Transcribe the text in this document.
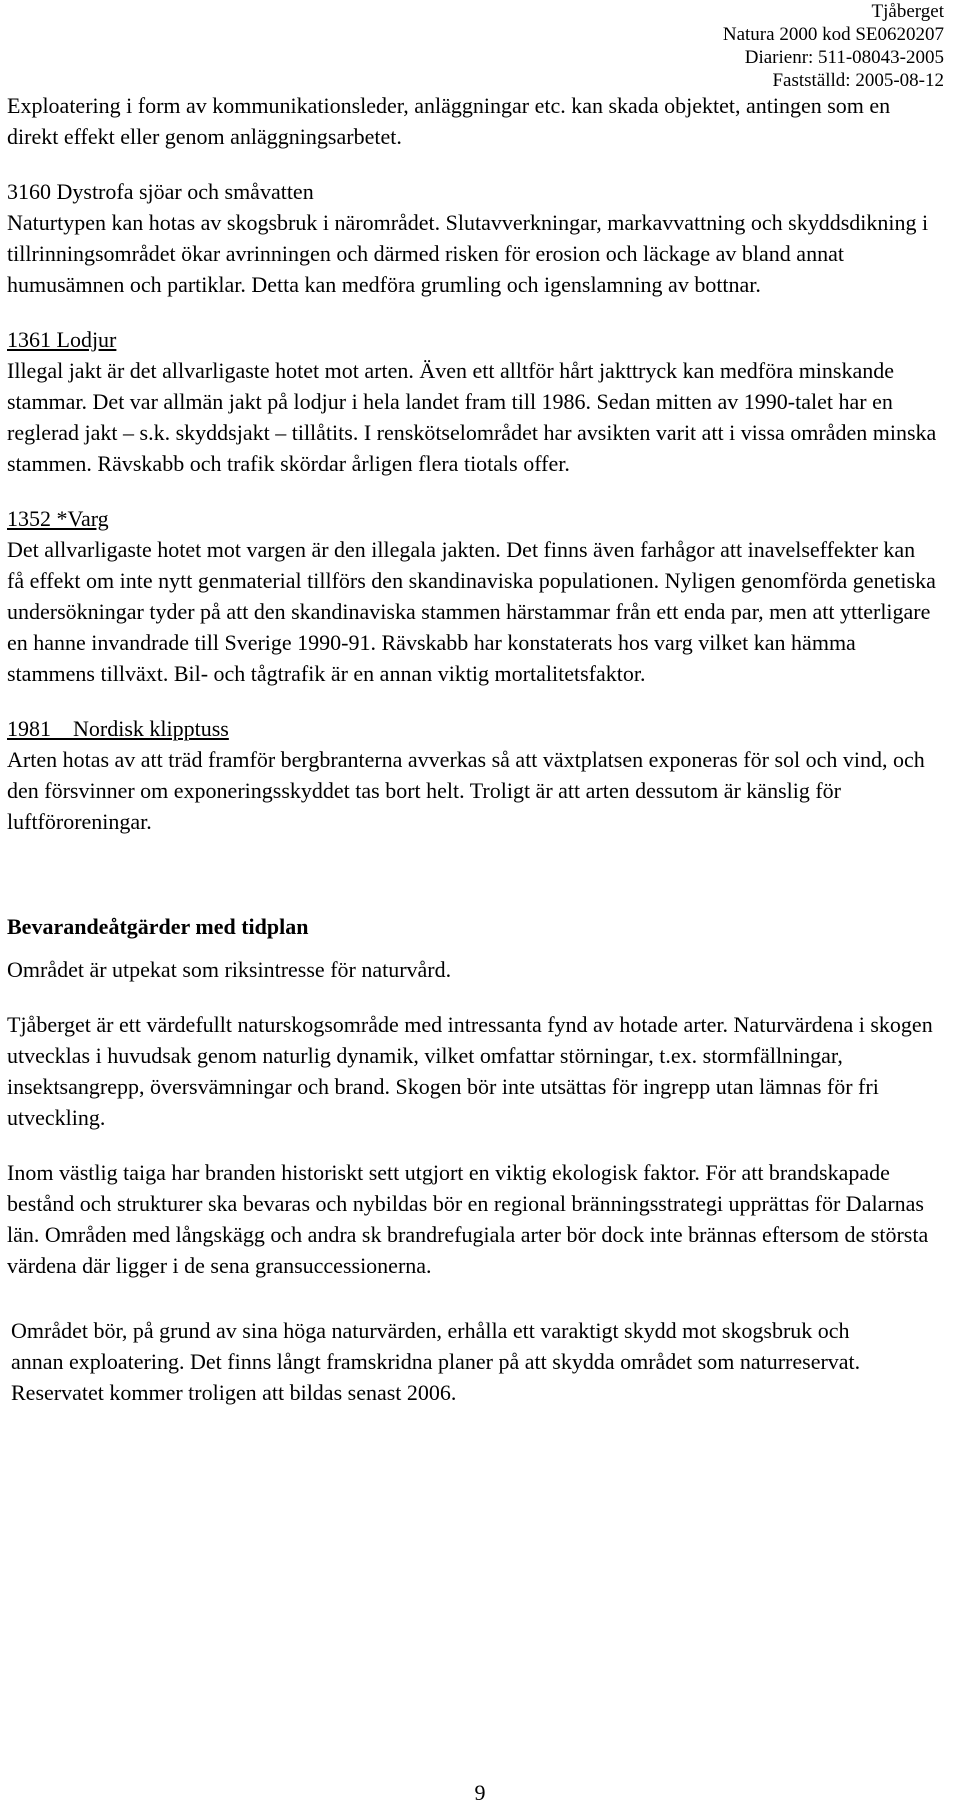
Tjåberget
Natura 2000 kod SE0620207
Diarienr: 511-08043-2005
Fastställd: 2005-08-12
Exploatering i form av kommunikationsleder, anläggningar etc. kan skada objektet, antingen som en direkt effekt eller genom anläggningsarbetet.

3160 Dystrofa sjöar och småvatten

Naturtypen kan hotas av skogsbruk i närområdet. Slutavverkningar, markavvattning och skyddsdikning i tillrinningsområdet ökar avrinningen och därmed risken för erosion och läckage av bland annat humusämnen och partiklar. Detta kan medföra grumling och igenslamning av bottnar.

1361 Lodjur

Illegal jakt är det allvarligaste hotet mot arten. Även ett alltför hårt jakttryck kan medföra minskande stammar. Det var allmän jakt på lodjur i hela landet fram till 1986. Sedan mitten av 1990-talet har en reglerad jakt – s.k. skyddsjakt – tillåtits. I renskötselområdet har avsikten varit att i vissa områden minska stammen. Rävskabb och trafik skördar årligen flera tiotals offer.

1352 *Varg

Det allvarligaste hotet mot vargen är den illegala jakten. Det finns även farhågor att inavelseffekter kan få effekt om inte nytt genmaterial tillförs den skandinaviska populationen. Nyligen genomförda genetiska undersökningar tyder på att den skandinaviska stammen härstammar från ett enda par, men att ytterligare en hanne invandrade till Sverige 1990-91. Rävskabb har konstaterats hos varg vilket kan hämma stammens tillväxt. Bil- och tågtrafik är en annan viktig mortalitetsfaktor.

1981    Nordisk klipptuss

Arten hotas av att träd framför bergbranterna avverkas så att växtplatsen exponeras för sol och vind, och den försvinner om exponeringsskyddet tas bort helt. Troligt är att arten dessutom är känslig för luftföroreningar.

Bevarandeåtgärder med tidplan
Området är utpekat som riksintresse för naturvård.
Tjåberget är ett värdefullt naturskogsområde med intressanta fynd av hotade arter. Naturvärdena i skogen utvecklas i huvudsak genom naturlig dynamik, vilket omfattar störningar, t.ex. stormfällningar, insektsangrepp, översvämningar och brand. Skogen bör inte utsättas för ingrepp utan lämnas för fri utveckling.
Inom västlig taiga har branden historiskt sett utgjort en viktig ekologisk faktor. För att brandskapade bestånd och strukturer ska bevaras och nybildas bör en regional bränningsstrategi upprättas för Dalarnas län. Områden med långskägg och andra sk brandrefugiala arter bör dock inte brännas eftersom de största värdena där ligger i de sena gransuccessionerna.
Området bör, på grund av sina höga naturvärden, erhålla ett varaktigt skydd mot skogsbruk och annan exploatering. Det finns långt framskridna planer på att skydda området som naturreservat. Reservatet kommer troligen att bildas senast 2006.
9
